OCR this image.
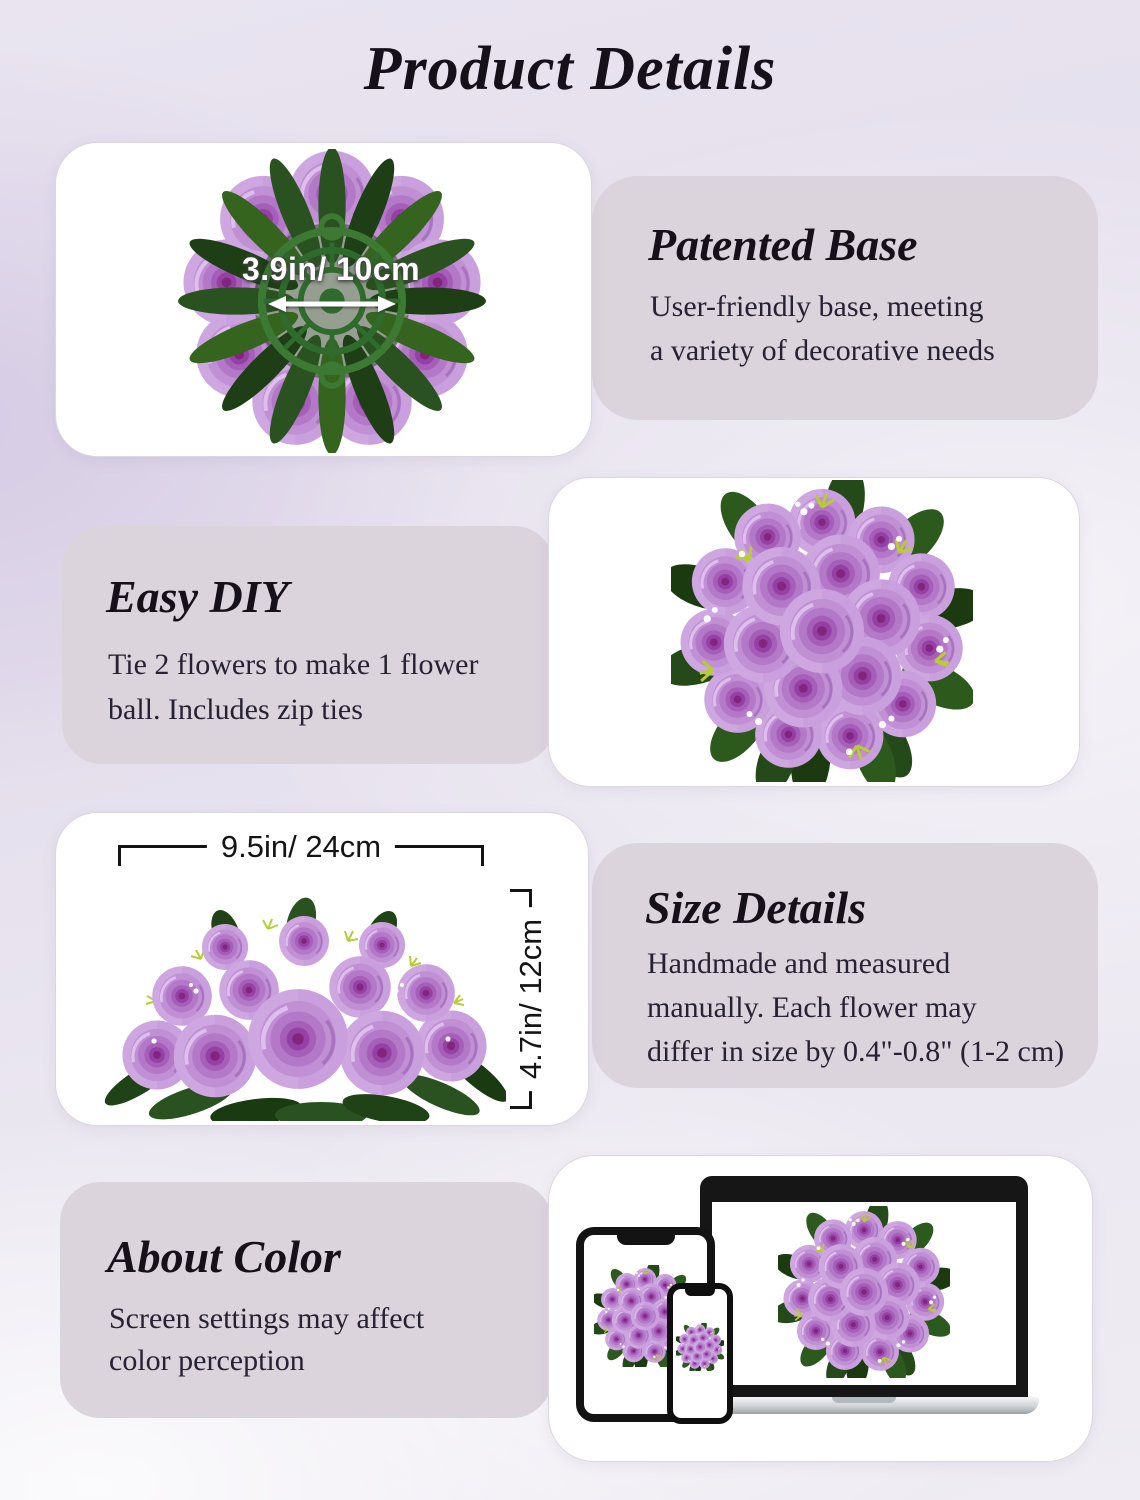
Product Details
3.9in/ 10cm	Patented Base
User-friendly base, meeting
a variety of decorative needs
Easy DIY
Tie 2 flowers to make 1 flower
ball. Includes zip ties
9.5in/ 24cm
4.7in/ 12cm
Size Details
Handmade and measured
manually. Each flower may
differ in size by 0.4"-0.8" (1-2 cm)
About Color
Screen settings may affect
color perception
